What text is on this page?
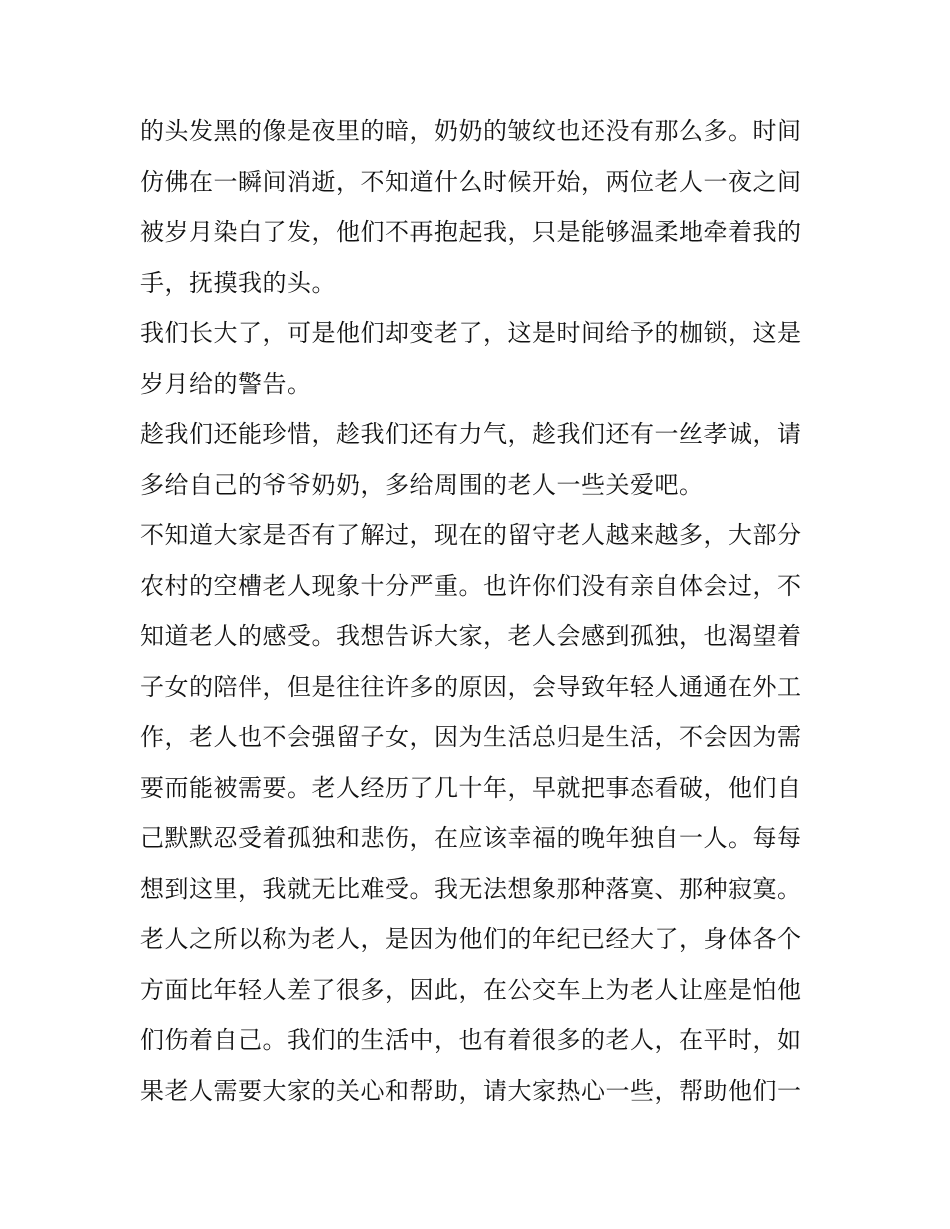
的头发黑的像是夜里的暗，奶奶的皱纹也还没有那么多。时间
仿佛在一瞬间消逝，不知道什么时候开始，两位老人一夜之间
被岁月染白了发，他们不再抱起我，只是能够温柔地牵着我的
手，抚摸我的头。
我们长大了，可是他们却变老了，这是时间给予的枷锁，这是
岁月给的警告。
趁我们还能珍惜，趁我们还有力气，趁我们还有一丝孝诚，请
多给自己的爷爷奶奶，多给周围的老人一些关爱吧。
不知道大家是否有了解过，现在的留守老人越来越多，大部分
农村的空槽老人现象十分严重。也许你们没有亲自体会过，不
知道老人的感受。我想告诉大家，老人会感到孤独，也渴望着
子女的陪伴，但是往往许多的原因，会导致年轻人通通在外工
作，老人也不会强留子女，因为生活总归是生活，不会因为需
要而能被需要。老人经历了几十年，早就把事态看破，他们自
己默默忍受着孤独和悲伤，在应该幸福的晚年独自一人。每每
想到这里，我就无比难受。我无法想象那种落寞、那种寂寞。
老人之所以称为老人，是因为他们的年纪已经大了，身体各个
方面比年轻人差了很多，因此，在公交车上为老人让座是怕他
们伤着自己。我们的生活中，也有着很多的老人，在平时，如
果老人需要大家的关心和帮助，请大家热心一些，帮助他们一
